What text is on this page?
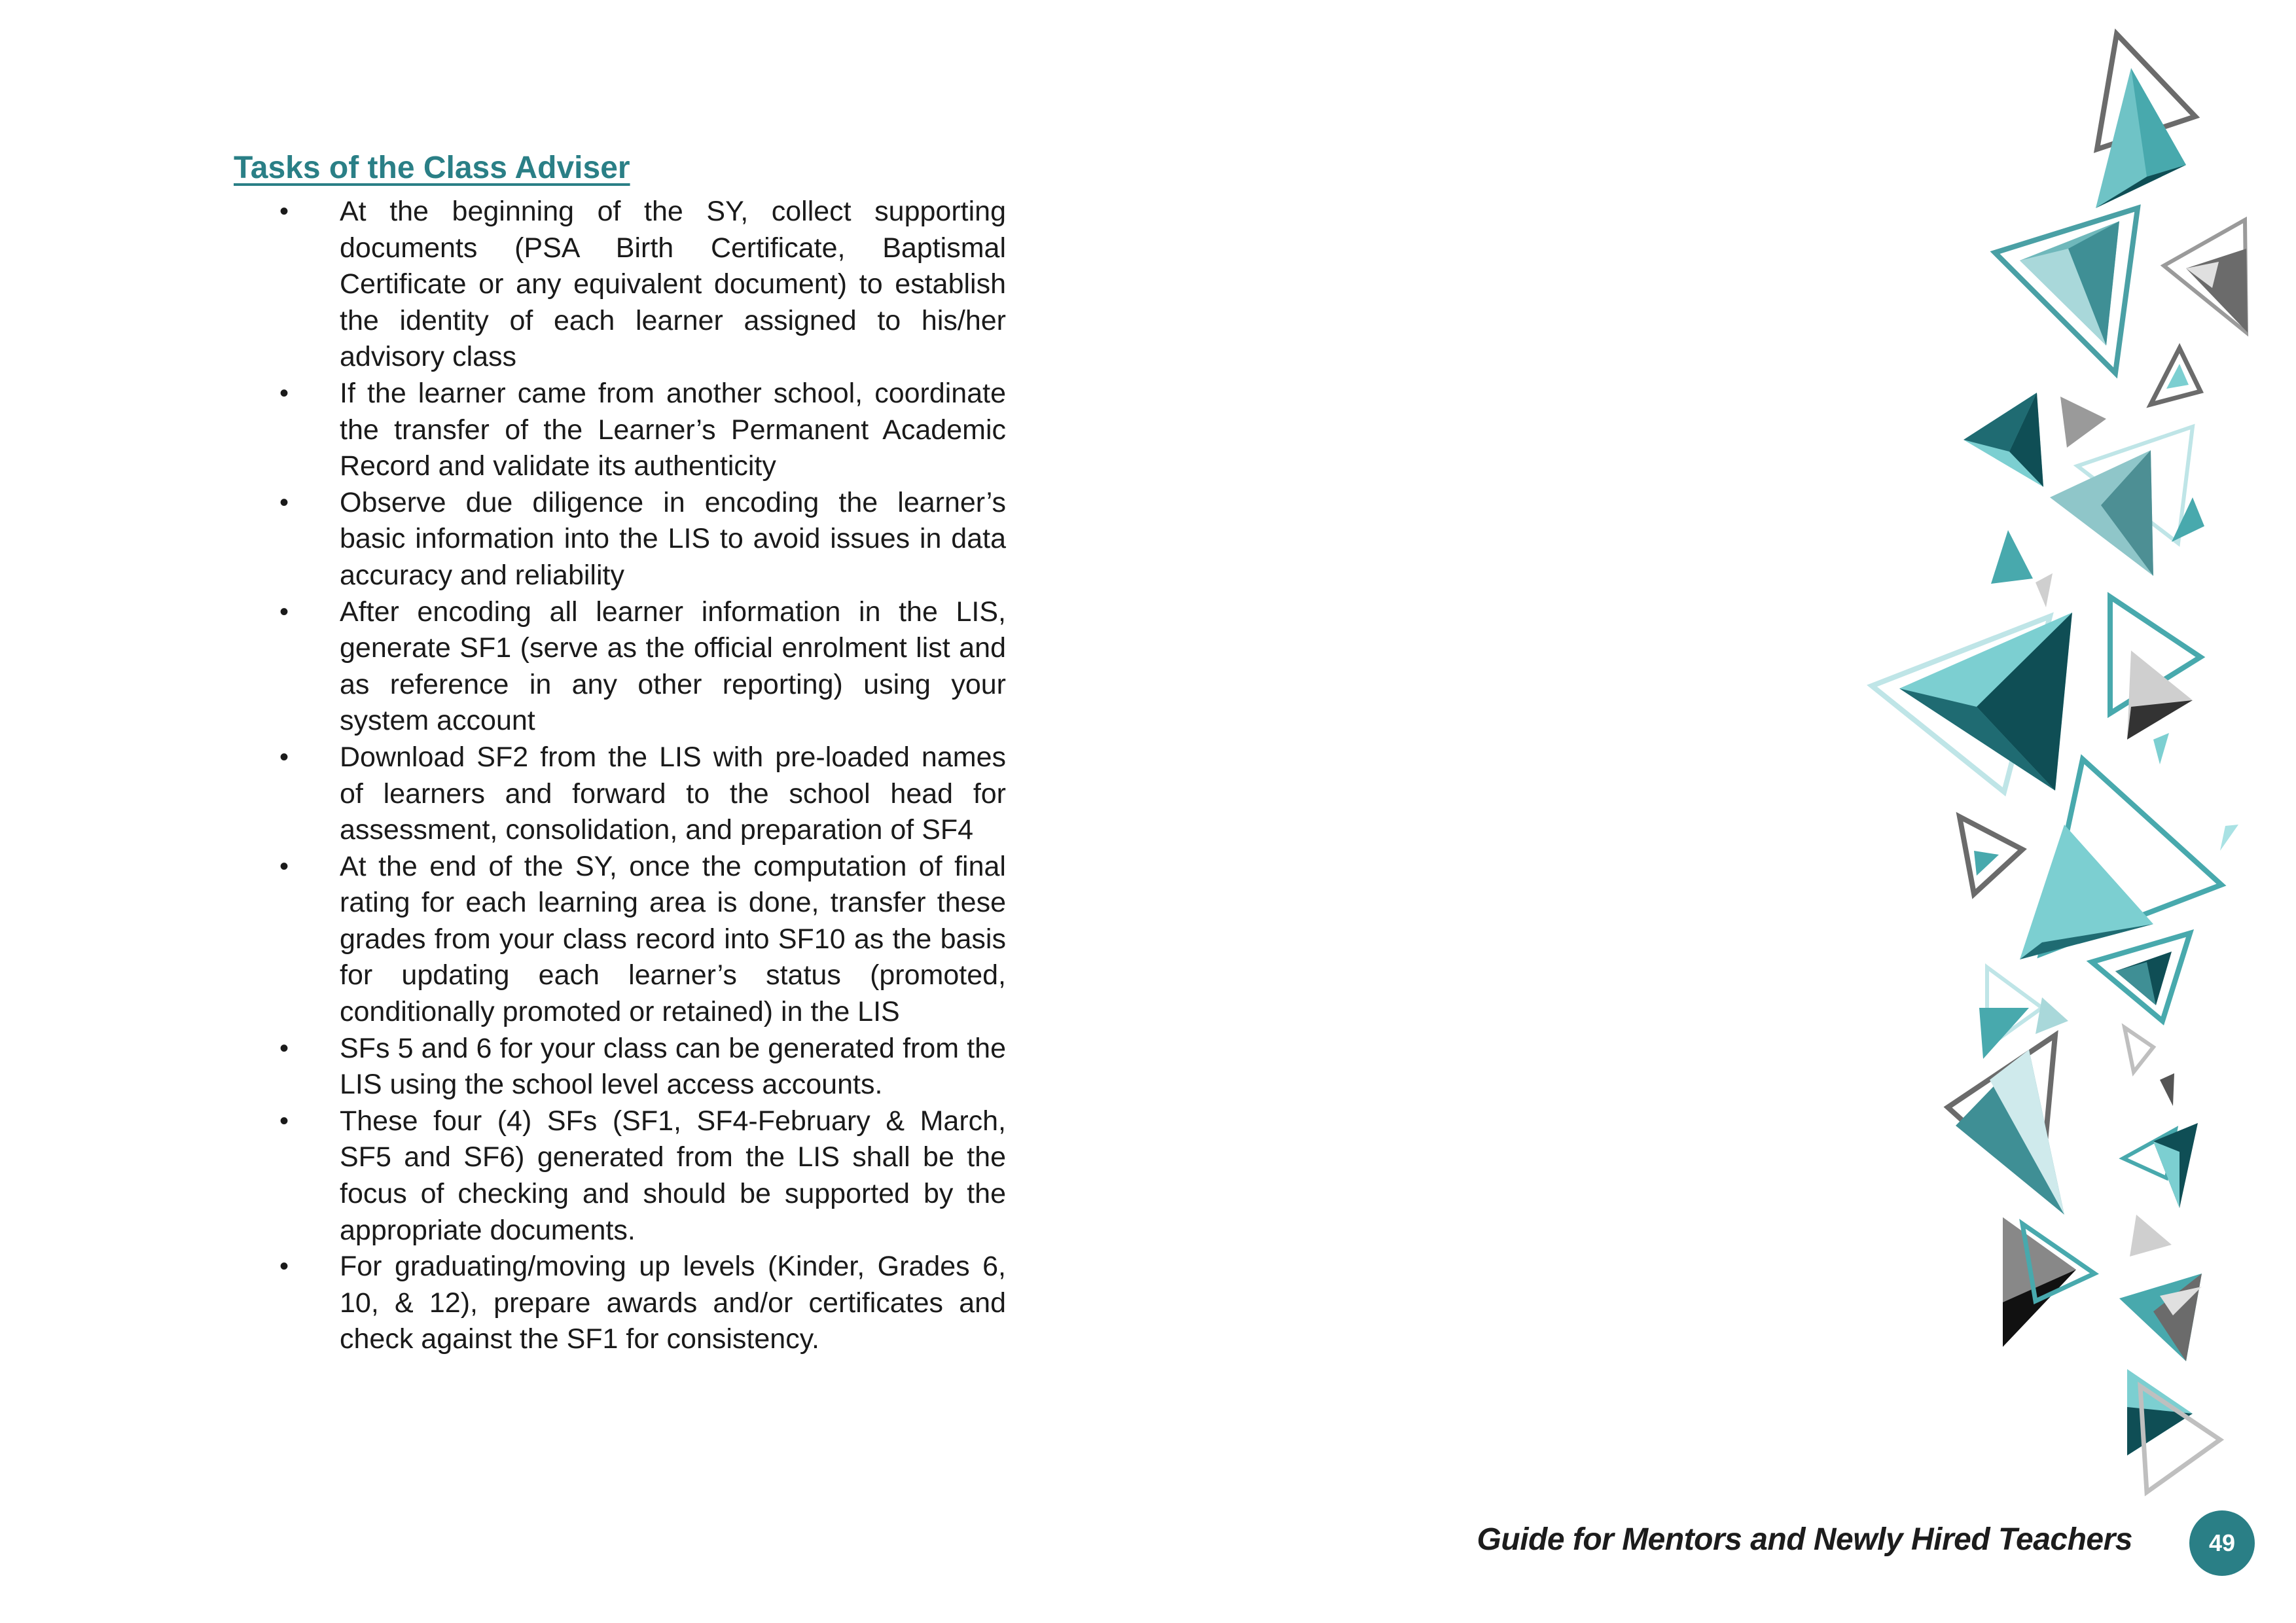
Tasks of the Class Adviser
•	At the beginning of the SY, collect supporting documents (PSA Birth Certificate, Baptismal Certificate or any equivalent document) to establish the identity of each learner assigned to his/her advisory class
•	If the learner came from another school, coordinate the transfer of the Learner’s Permanent Academic Record and validate its authenticity
•	Observe due diligence in encoding the learner’s basic information into the LIS to avoid issues in data accuracy and reliability
•	After encoding all learner information in the LIS, generate SF1 (serve as the official enrolment list and as reference in any other reporting) using your system account
•	Download SF2 from the LIS with pre-loaded names of learners and forward to the school head for assessment, consolidation, and preparation of SF4
•	At the end of the SY, once the computation of final rating for each learning area is done, transfer these grades from your class record into SF10 as the basis for updating each learner’s status (promoted, conditionally promoted or retained) in the LIS
•	SFs 5 and 6 for your class can be generated from the LIS using the school level access accounts.
•	These four (4) SFs (SF1, SF4-February & March, SF5 and SF6) generated from the LIS shall be the focus of checking and should be supported by the appropriate documents.
•	For graduating/moving up levels (Kinder, Grades 6, 10, & 12), prepare awards and/or certificates and check against the SF1 for consistency.
Guide for Mentors and Newly Hired Teachers	49
